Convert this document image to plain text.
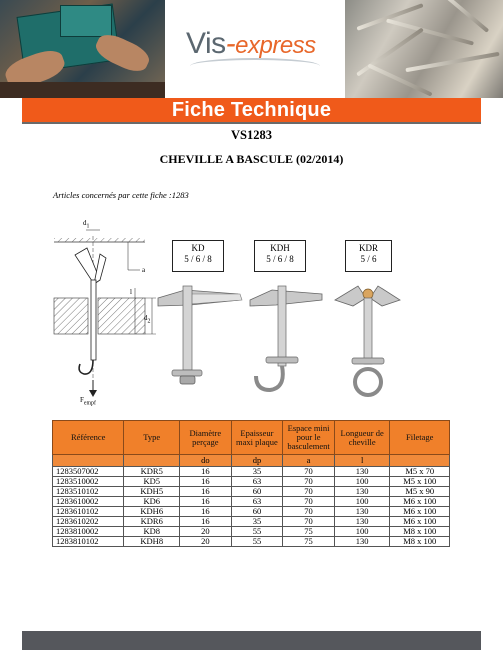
Vis-express
Fiche Technique
VS1283
CHEVILLE A BASCULE (02/2014)
Articles concernés par cette fiche :1283
$d_1$
a
l
$d_2$
$F_{empf}$
KD
5 / 6 / 8
KDH
5 / 6 / 8
KDR
5 / 6
Référence	Type	Diamètre perçage	Epaisseur maxi plaque	Espace mini pour le basculement	Longueur de cheville	Filetage
		do	dp	a	l	
1283507002	KDR5	16	35	70	130	M5 x 70
1283510002	KD5	16	63	70	100	M5 x 100
1283510102	KDH5	16	60	70	130	M5 x 90
1283610002	KD6	16	63	70	100	M6 x 100
1283610102	KDH6	16	60	70	130	M6 x 100
1283610202	KDR6	16	35	70	130	M6 x 100
1283810002	KD8	20	55	75	100	M8 x 100
1283810102	KDH8	20	55	75	130	M8 x 100
